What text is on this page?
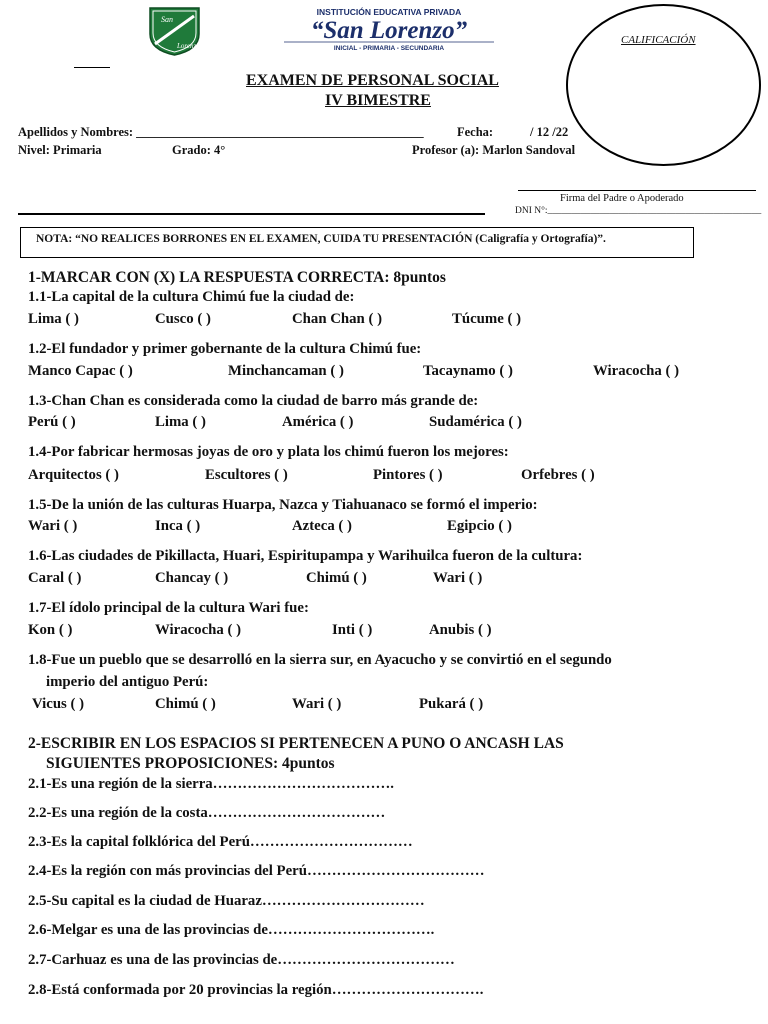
San
Lorenzo
INSTITUCIÓN EDUCATIVA PRIVADA
“San Lorenzo”
INICIAL - PRIMARIA - SECUNDARIA
CALIFICACIÓN
EXAMEN DE PERSONAL SOCIAL
IV BIMESTRE
Apellidos y Nombres: ______________________________________________	Fecha:	/ 12 /22
Nivel: Primaria	Grado: 4°	Profesor (a): Marlon Sandoval
Firma del Padre o Apoderado
DNI N°:_____________________________________________
NOTA: “NO REALICES BORRONES EN EL EXAMEN, CUIDA TU PRESENTACIÓN (Caligrafía y Ortografía)”.
1-MARCAR CON (X) LA RESPUESTA CORRECTA: 8puntos
1.1-La capital de la cultura Chimú fue la ciudad de:
Lima ( )	Cusco ( )	Chan Chan ( )	Túcume ( )
1.2-El fundador y primer gobernante de la cultura Chimú fue:
Manco Capac ( )	Minchancaman ( )	Tacaynamo ( )	Wiracocha ( )
1.3-Chan Chan es considerada como la ciudad de barro más grande de:
Perú ( )	Lima ( )	América ( )	Sudamérica ( )
1.4-Por fabricar hermosas joyas de oro y plata los chimú fueron los mejores:
Arquitectos ( )	Escultores ( )	Pintores ( )	Orfebres ( )
1.5-De la unión de las culturas Huarpa, Nazca y Tiahuanaco se formó el imperio:
Wari ( )	Inca ( )	Azteca ( )	Egipcio ( )
1.6-Las ciudades de Pikillacta, Huari, Espiritupampa y Warihuilca fueron de la cultura:
Caral ( )	Chancay ( )	Chimú ( )	Wari ( )
1.7-El ídolo principal de la cultura Wari fue:
Kon ( )	Wiracocha ( )	Inti ( )	Anubis ( )
1.8-Fue un pueblo que se desarrolló en la sierra sur, en Ayacucho y se convirtió en el segundo
imperio del antiguo Perú:
Vicus ( )	Chimú ( )	Wari ( )	Pukará ( )
2-ESCRIBIR EN LOS ESPACIOS SI PERTENECEN A PUNO O ANCASH LAS
SIGUIENTES PROPOSICIONES: 4puntos
2.1-Es una región de la sierra……………………………….
2.2-Es una región de la costa………………………………
2.3-Es la capital folklórica del Perú……………………………
2.4-Es la región con más provincias del Perú………………………………
2.5-Su capital es la ciudad de Huaraz……………………………
2.6-Melgar es una de las provincias de…………………………….
2.7-Carhuaz es una de las provincias de………………………………
2.8-Está conformada por 20 provincias la región………………………….
